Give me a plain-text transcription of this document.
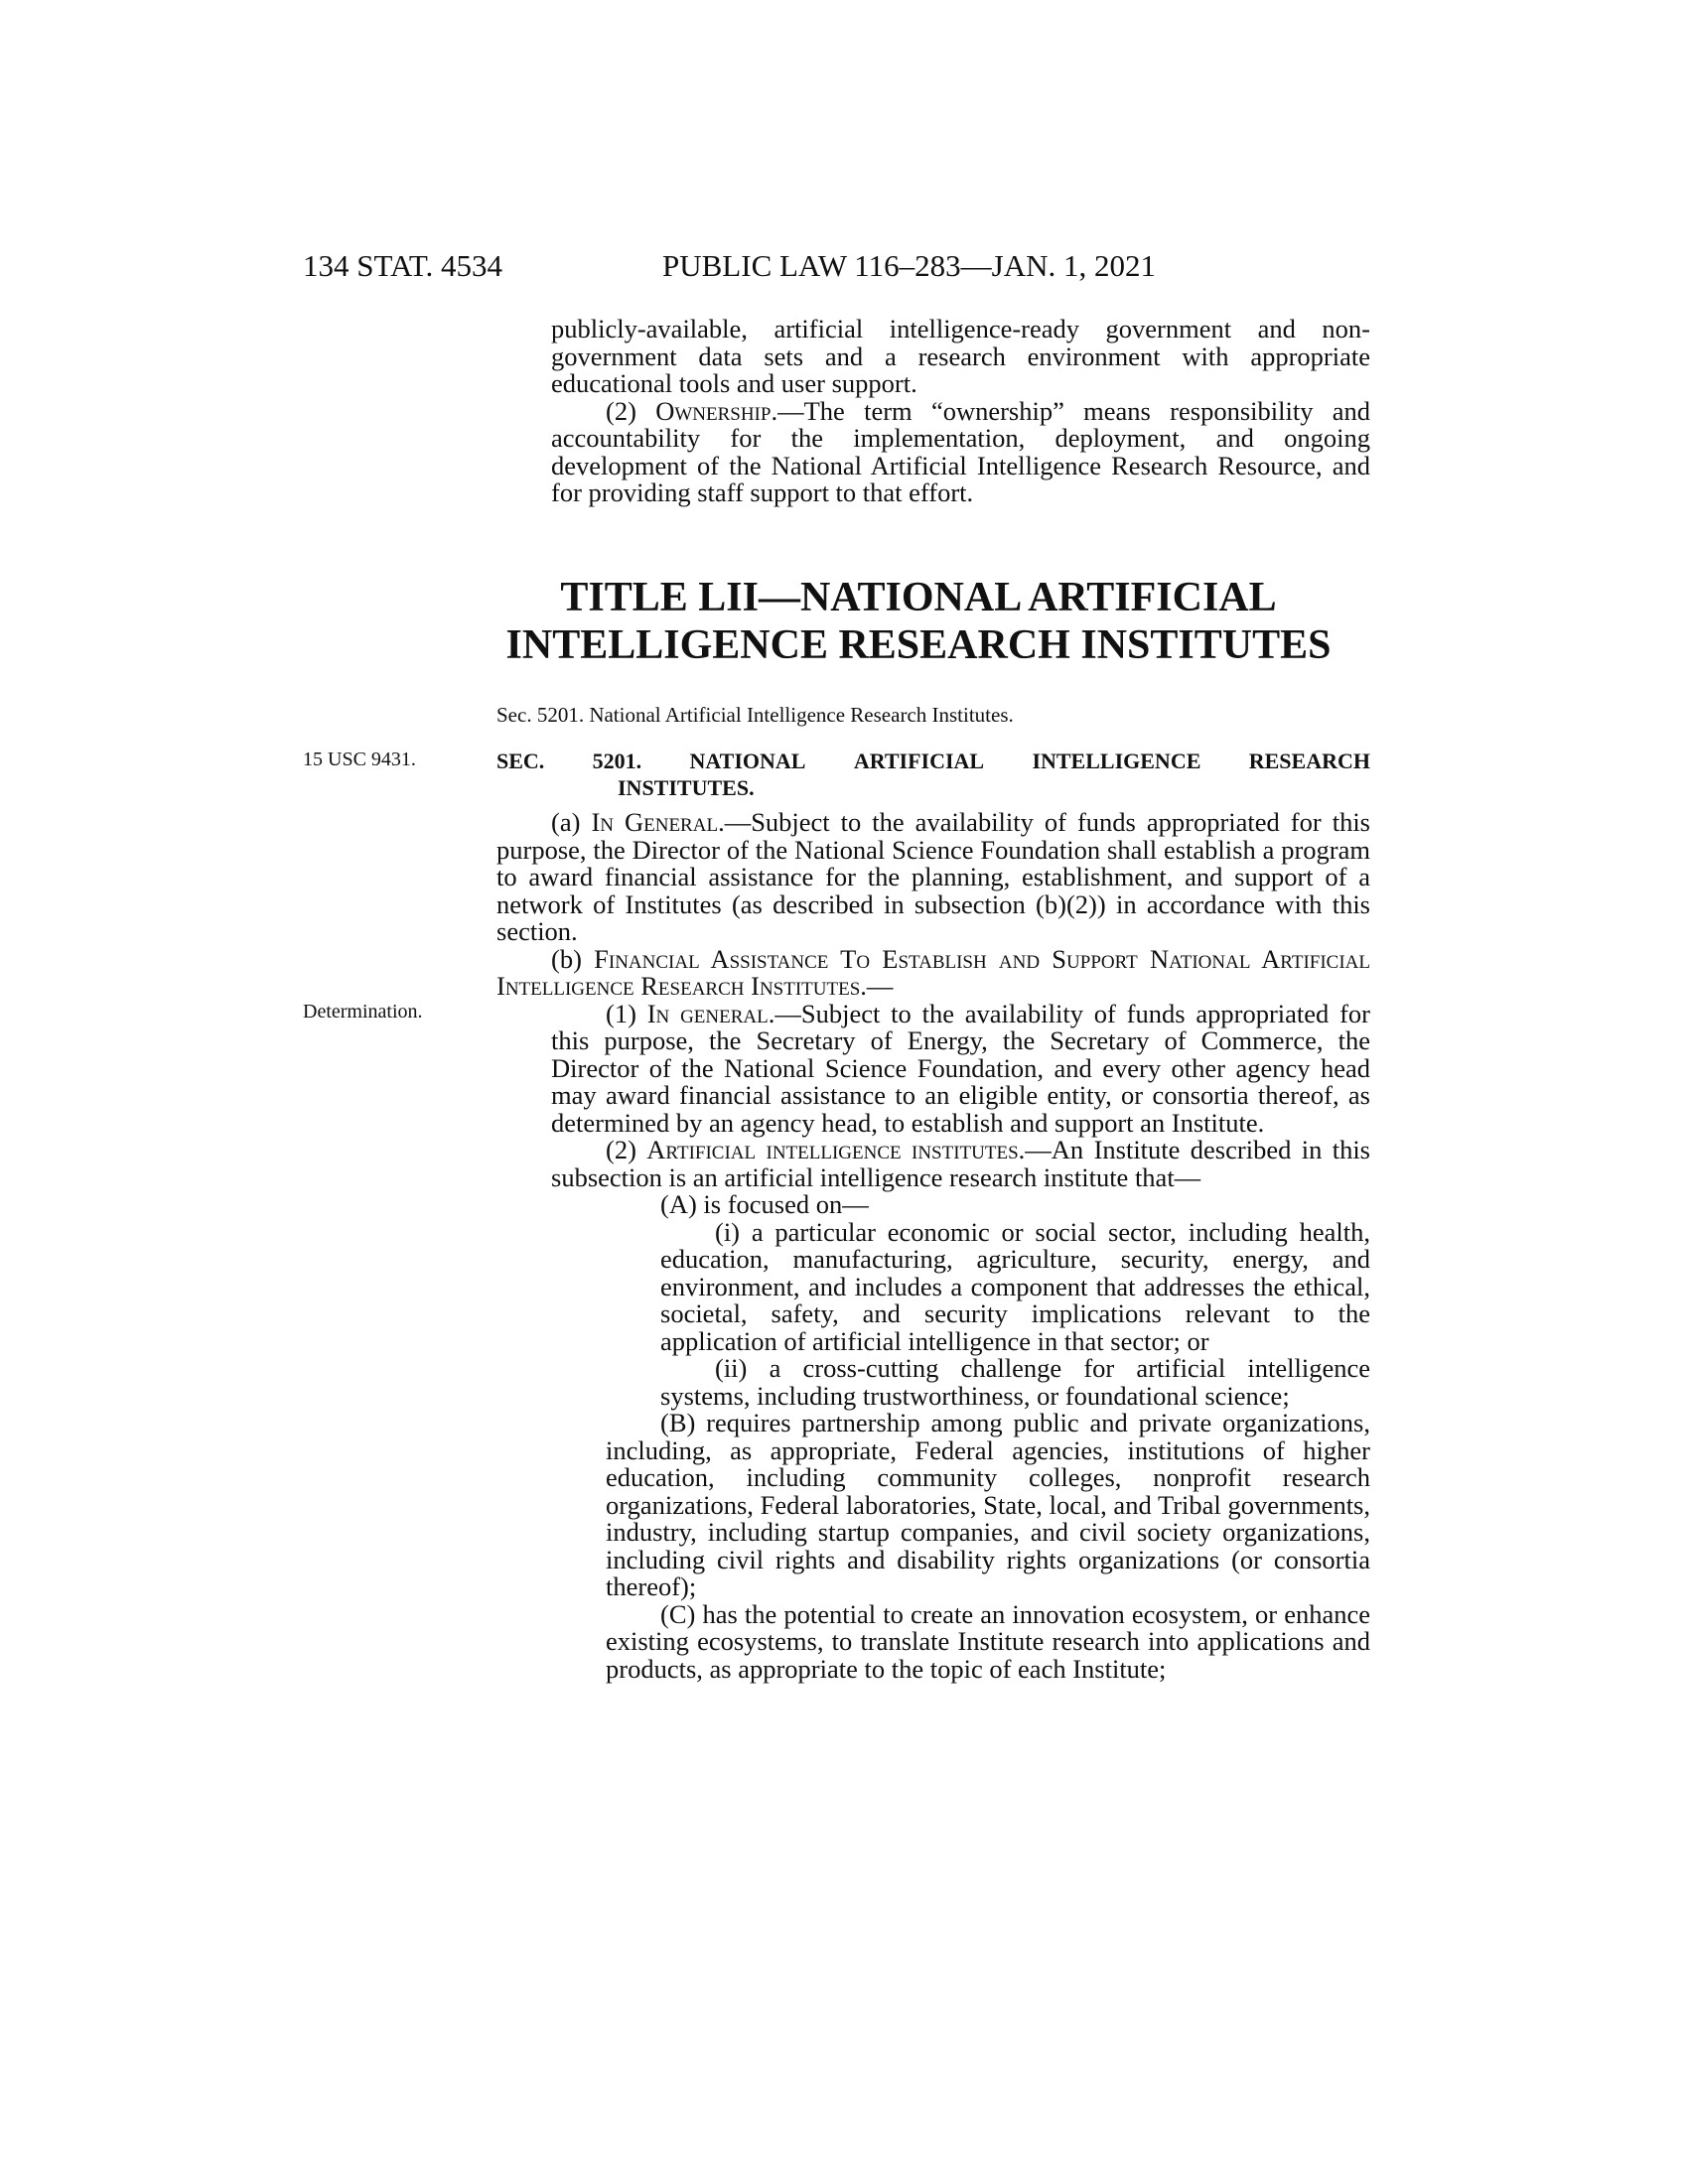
134 STAT. 4534	PUBLIC LAW 116–283—JAN. 1, 2021

publicly-available, artificial intelligence-ready government and non-government data sets and a research environment with appropriate educational tools and user support.

(2) Ownership.—The term “ownership” means responsibility and accountability for the implementation, deployment, and ongoing development of the National Artificial Intelligence Research Resource, and for providing staff support to that effort.

TITLE LII—NATIONAL ARTIFICIAL
INTELLIGENCE RESEARCH INSTITUTES
Sec. 5201. National Artificial Intelligence Research Institutes.
15 USC 9431.
Determination.
SEC. 5201. NATIONAL ARTIFICIAL INTELLIGENCE RESEARCH
INSTITUTES.

(a) In General.—Subject to the availability of funds appropriated for this purpose, the Director of the National Science Foundation shall establish a program to award financial assistance for the planning, establishment, and support of a network of Institutes (as described in subsection (b)(2)) in accordance with this section.

(b) Financial Assistance To Establish and Support National Artificial Intelligence Research Institutes.—

(1) In general.—Subject to the availability of funds appropriated for this purpose, the Secretary of Energy, the Secretary of Commerce, the Director of the National Science Foundation, and every other agency head may award financial assistance to an eligible entity, or consortia thereof, as determined by an agency head, to establish and support an Institute.

(2) Artificial intelligence institutes.—An Institute described in this subsection is an artificial intelligence research institute that—

(A) is focused on—

(i) a particular economic or social sector, including health, education, manufacturing, agriculture, security, energy, and environment, and includes a component that addresses the ethical, societal, safety, and security implications relevant to the application of artificial intelligence in that sector; or

(ii) a cross-cutting challenge for artificial intelligence systems, including trustworthiness, or foundational science;

(B) requires partnership among public and private organizations, including, as appropriate, Federal agencies, institutions of higher education, including community colleges, nonprofit research organizations, Federal laboratories, State, local, and Tribal governments, industry, including startup companies, and civil society organizations, including civil rights and disability rights organizations (or consortia thereof);

(C) has the potential to create an innovation ecosystem, or enhance existing ecosystems, to translate Institute research into applications and products, as appropriate to the topic of each Institute;
